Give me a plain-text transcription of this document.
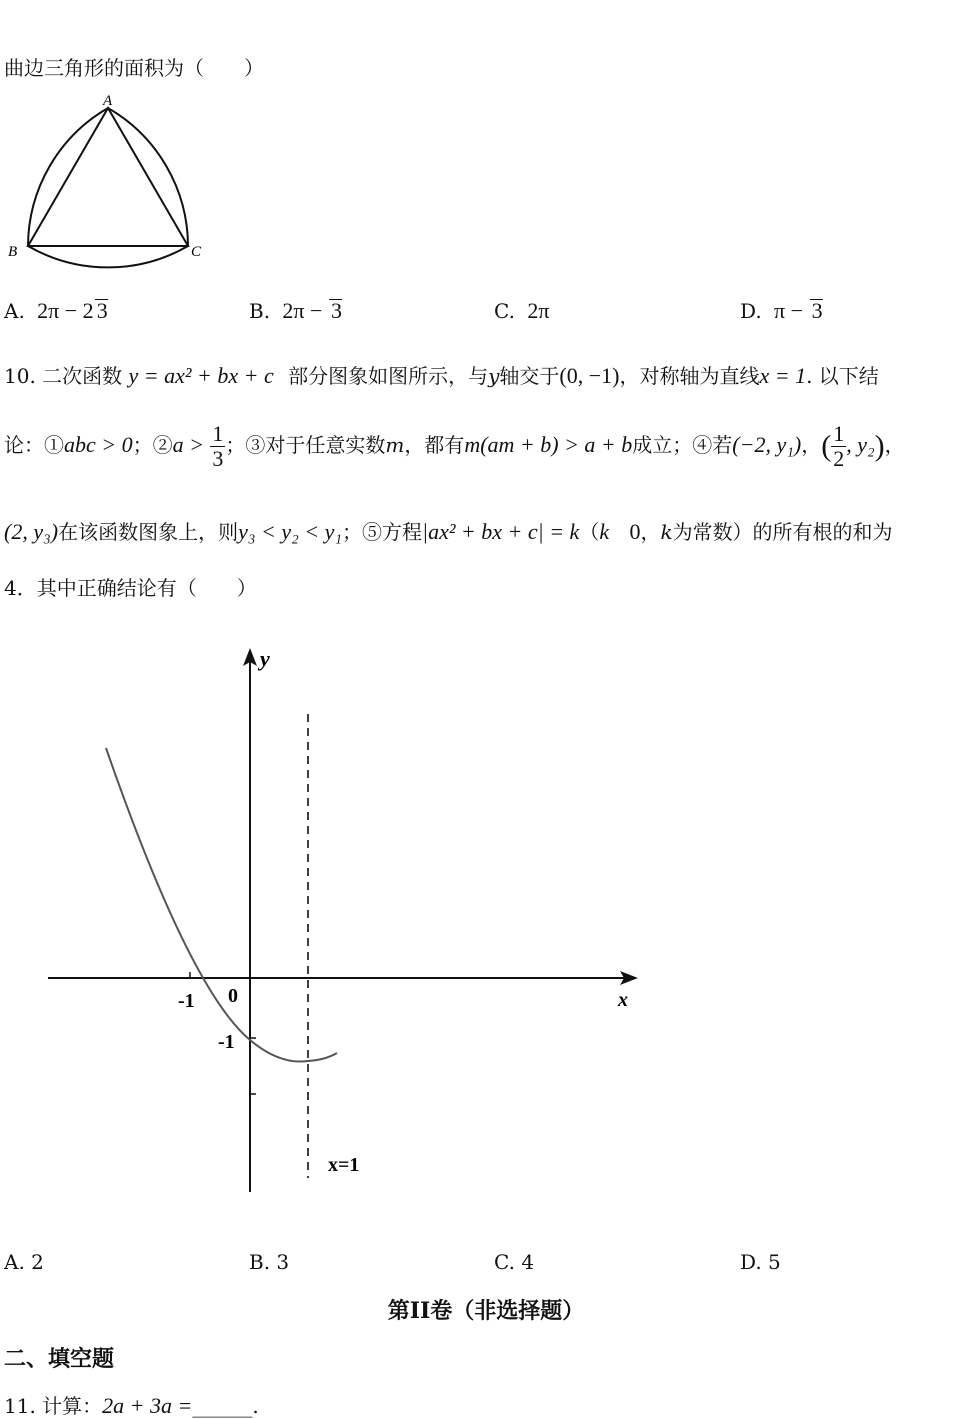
曲边三角形的面积为（　　）
A
B	C
A. 2π − 2 3	B. 2π − 3	C. 2π	D. π − 3
10. 二次函数 y = ax² + bx + c 部分图象如图所示，与y轴交于(0, −1)，对称轴为直线x = 1. 以下结
论：①abc > 0；②a > $\frac{1}{3}$ ；③对于任意实数m，都有m(am + b) > a + b成立；④若(−2, y₁)，( $\frac{1}{2}$ , y₂)，
(2, y₃)在该函数图象上，则y₃ < y₂ < y₁；⑤方程|ax² + bx + c| = k（k 0，k为常数）的所有根的和为
4．其中正确结论有（　　）
y
x
0
-1
-1
x=1
A. 2	B. 3	C. 4	D. 5
第II卷（非选择题）
二、填空题
11. 计算：2a + 3a =______.
